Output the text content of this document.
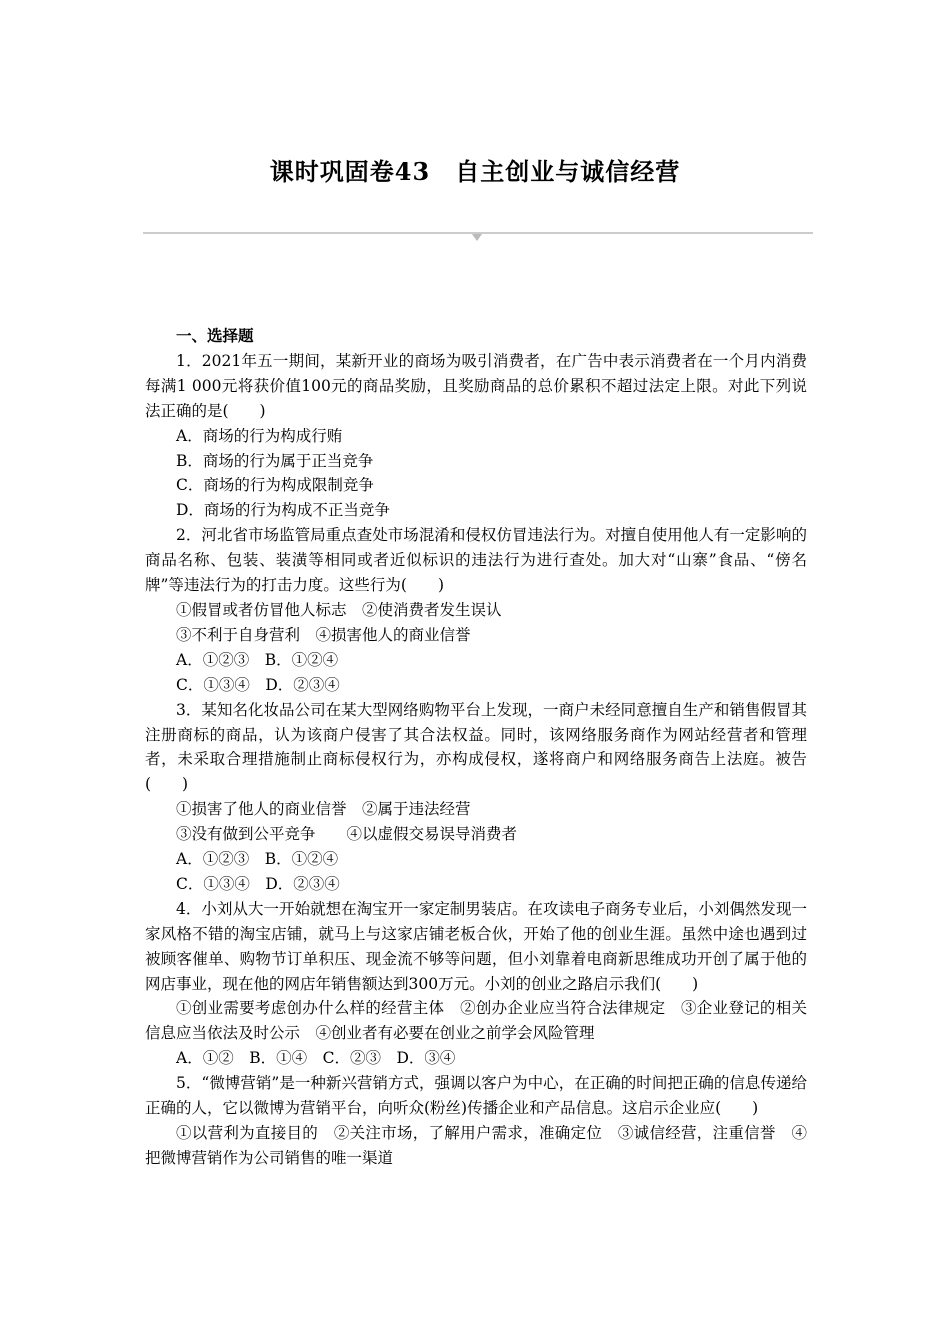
课时巩固卷43　自主创业与诚信经营

一、选择题

1．2021年五一期间，某新开业的商场为吸引消费者，在广告中表示消费者在一个月内消费每满1 000元将获价值100元的商品奖励，且奖励商品的总价累积不超过法定上限。对此下列说法正确的是(　　)

A．商场的行为构成行贿

B．商场的行为属于正当竞争

C．商场的行为构成限制竞争

D．商场的行为构成不正当竞争

2．河北省市场监管局重点查处市场混淆和侵权仿冒违法行为。对擅自使用他人有一定影响的商品名称、包装、装潢等相同或者近似标识的违法行为进行查处。加大对“山寨”食品、“傍名牌”等违法行为的打击力度。这些行为(　　)

①假冒或者仿冒他人标志　②使消费者发生误认

③不利于自身营利　④损害他人的商业信誉

A．①②③　B．①②④

C．①③④　D．②③④

3．某知名化妆品公司在某大型网络购物平台上发现，一商户未经同意擅自生产和销售假冒其注册商标的商品，认为该商户侵害了其合法权益。同时，该网络服务商作为网站经营者和管理者，未采取合理措施制止商标侵权行为，亦构成侵权，遂将商户和网络服务商告上法庭。被告(　　)

①损害了他人的商业信誉　②属于违法经营

③没有做到公平竞争　　④以虚假交易误导消费者

A．①②③　B．①②④

C．①③④　D．②③④

4．小刘从大一开始就想在淘宝开一家定制男装店。在攻读电子商务专业后，小刘偶然发现一家风格不错的淘宝店铺，就马上与这家店铺老板合伙，开始了他的创业生涯。虽然中途也遇到过被顾客催单、购物节订单积压、现金流不够等问题，但小刘靠着电商新思维成功开创了属于他的网店事业，现在他的网店年销售额达到300万元。小刘的创业之路启示我们(　　)

①创业需要考虑创办什么样的经营主体　②创办企业应当符合法律规定　③企业登记的相关信息应当依法及时公示　④创业者有必要在创业之前学会风险管理

A．①②　B．①④　C．②③　D．③④

5．“微博营销”是一种新兴营销方式，强调以客户为中心，在正确的时间把正确的信息传递给正确的人，它以微博为营销平台，向听众(粉丝)传播企业和产品信息。这启示企业应(　　)

①以营利为直接目的　②关注市场，了解用户需求，准确定位　③诚信经营，注重信誉　④把微博营销作为公司销售的唯一渠道
